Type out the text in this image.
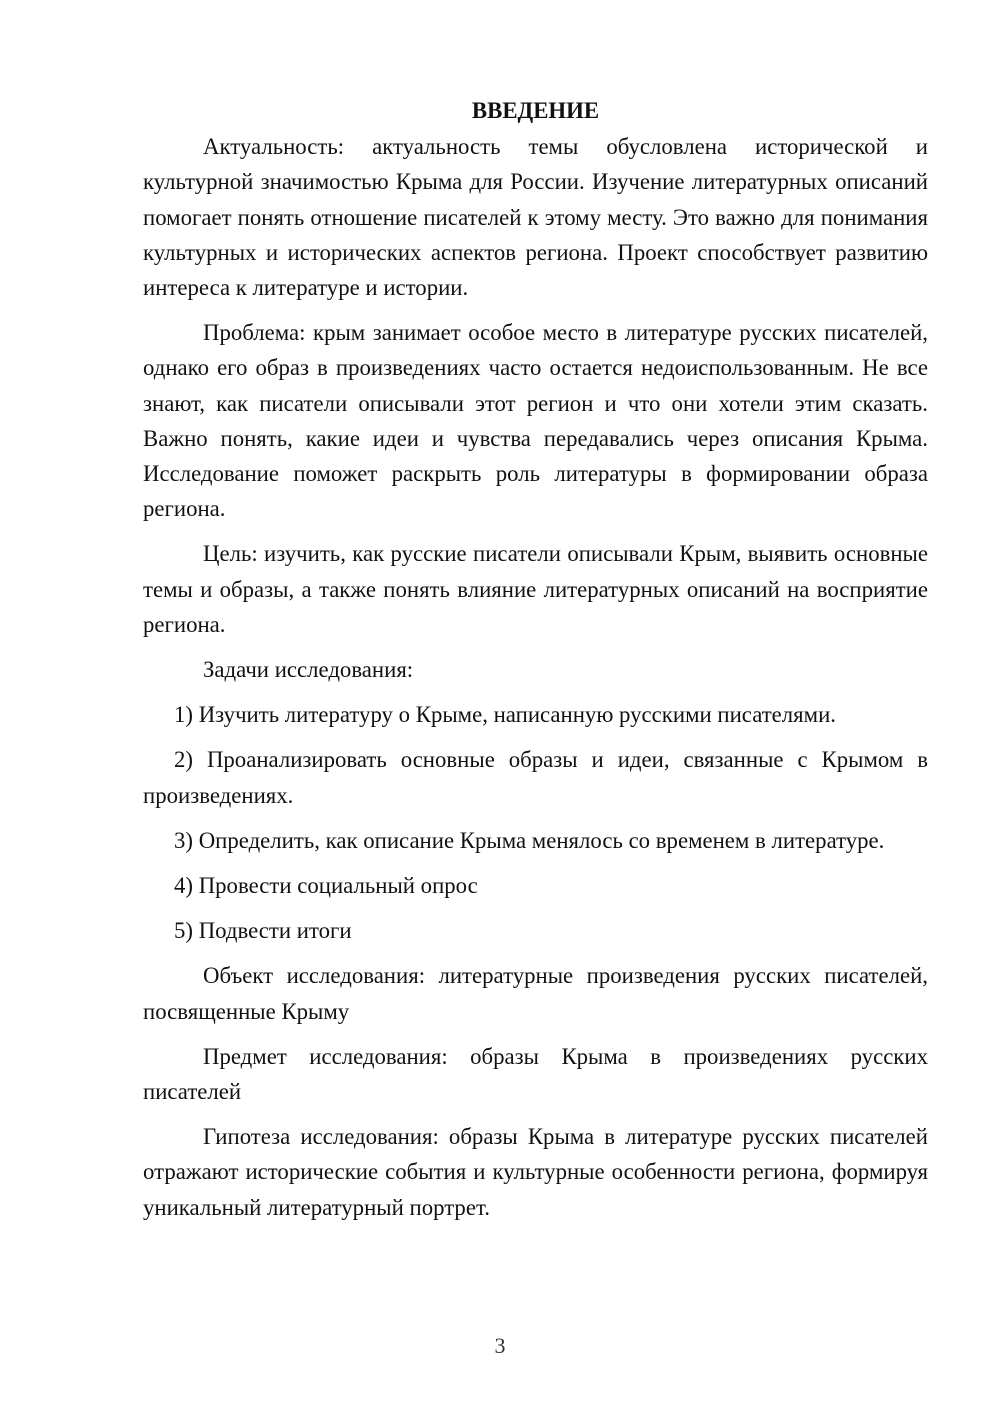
ВВЕДЕНИЕ

Актуальность: актуальность темы обусловлена исторической и культурной значимостью Крыма для России. Изучение литературных описаний помогает понять отношение писателей к этому месту. Это важно для понимания культурных и исторических аспектов региона. Проект способствует развитию интереса к литературе и истории.

Проблема: крым занимает особое место в литературе русских писателей, однако его образ в произведениях часто остается недоиспользованным. Не все знают, как писатели описывали этот регион и что они хотели этим сказать. Важно понять, какие идеи и чувства передавались через описания Крыма. Исследование поможет раскрыть роль литературы в формировании образа региона.

Цель: изучить, как русские писатели описывали Крым, выявить основные темы и образы, а также понять влияние литературных описаний на восприятие региона.

Задачи исследования:

1) Изучить литературу о Крыме, написанную русскими писателями.

2) Проанализировать основные образы и идеи, связанные с Крымом в произведениях.

3) Определить, как описание Крыма менялось со временем в литературе.

4) Провести социальный опрос

5) Подвести итоги

Объект исследования: литературные произведения русских писателей, посвященные Крыму

Предмет исследования: образы Крыма в произведениях русских писателей

Гипотеза исследования: образы Крыма в литературе русских писателей отражают исторические события и культурные особенности региона, формируя уникальный литературный портрет.

3
